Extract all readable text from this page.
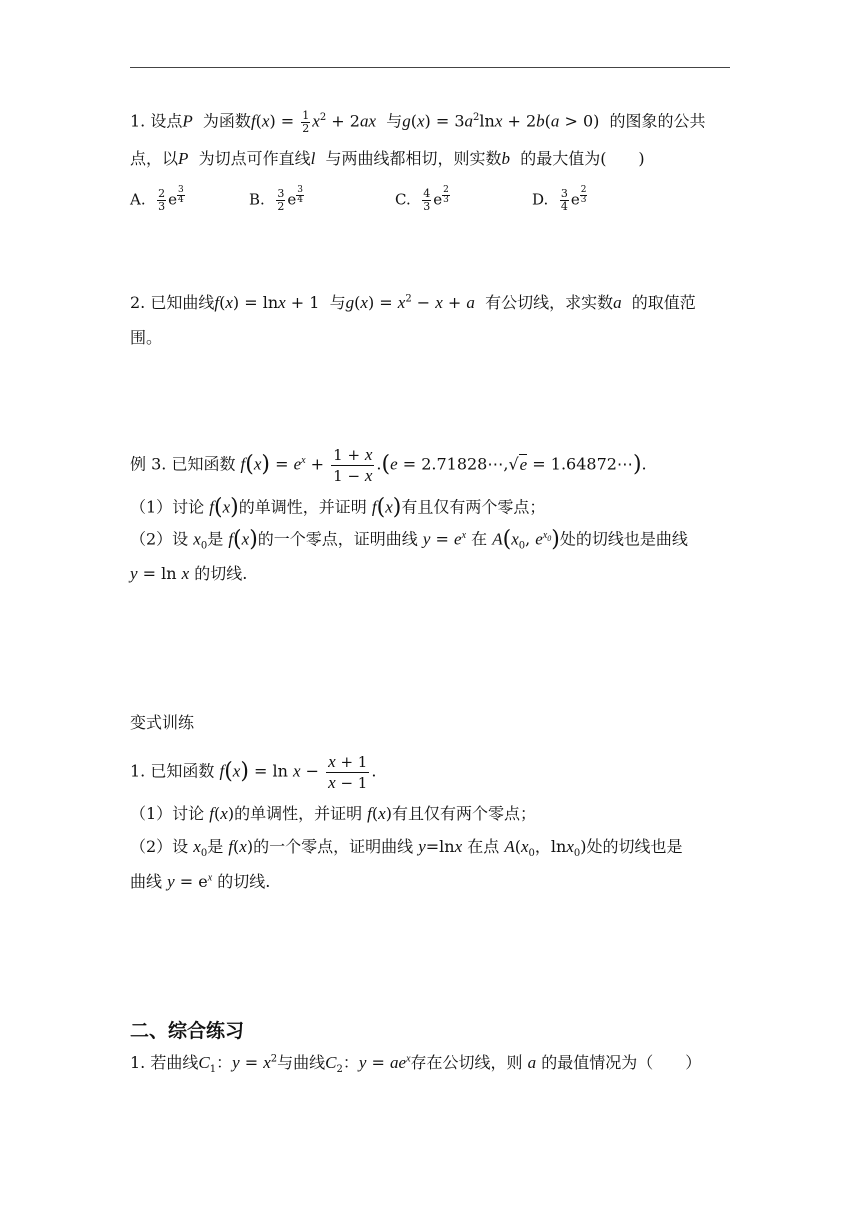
1. 设点P 为函数$f(x) = \frac{1}{2} x^2 + 2ax$ 与$g(x) = 3a^2\ln x + 2b(a > 0)$  的图象的公共
点，以P 为切点可作直线l 与两曲线都相切，则实数b 的最大值为(　　)
A. $\frac{2}{3}$ e $^{\frac{3}{4}}$	B. $\frac{3}{2}$ e $^{\frac{3}{4}}$	C. $\frac{4}{3}$ e $^{\frac{2}{3}}$	D. $\frac{3}{4}$ e $^{\frac{2}{3}}$
2. 已知曲线f(x) = lnx + 1  与$g(x) = x^2 - x + a$ 有公切线，求实数a 的取值范
围。
例 3. 已知函数 $f(x) = e^x + \frac{1 + x}{1 - x} .(e$ = 2.71828⋯,√e = 1.64872⋯).
（1）讨论 f(x)的单调性，并证明 f(x)有且仅有两个零点；
（2）设 $x_0$是 f(x)的一个零点，证明曲线 $y = e^x$ 在 $A(x_0$, $e^{x_0}$)处的切线也是曲线
y = ln x 的切线.
变式训练
1. 已知函数 $f(x) = \ln x - \frac{x + 1}{x - 1}$ .
（1）讨论 f(x)的单调性，并证明 f(x)有且仅有两个零点；
（2）设 $x_0$是 f(x)的一个零点，证明曲线 y=lnx 在点 $A(x_0$，lnx$_0$)处的切线也是
曲线 $y = e^x$ 的切线.
二、综合练习
1. 若曲线$C_1$：$y = x^2$与曲线$C_2$：$y = ae^x$存在公切线，则 a 的最值情况为（　　）
